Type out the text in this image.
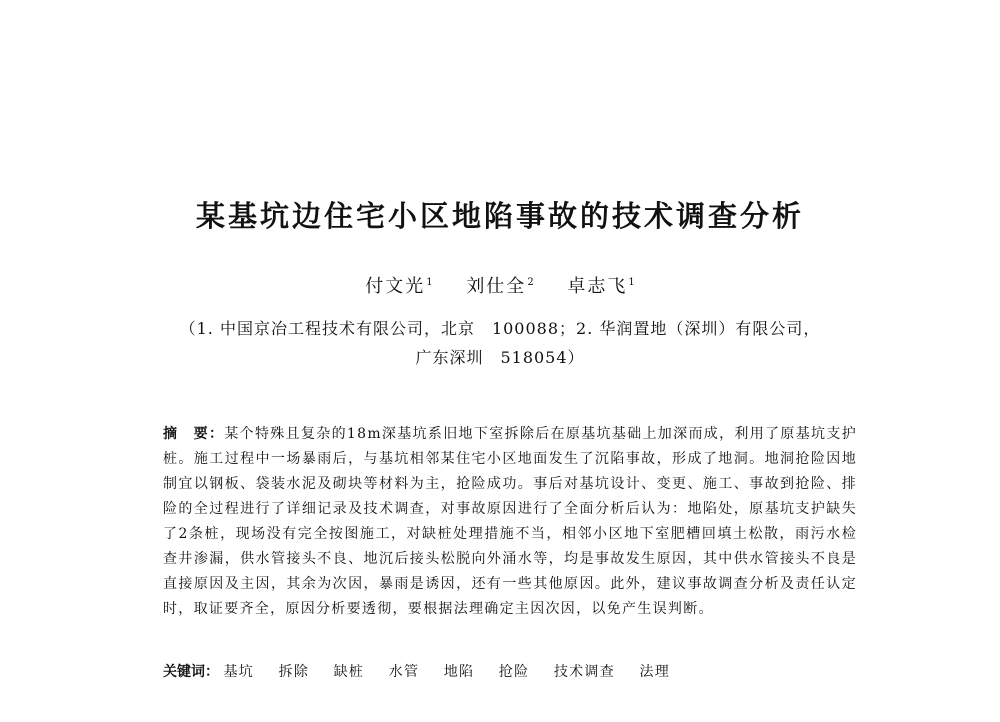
某基坑边住宅小区地陷事故的技术调查分析
付文光$^1$ 刘仕全$^2$ 卓志飞$^1$
（1. 中国京冶工程技术有限公司，北京　100088；2. 华润置地（深圳）有限公司，
广东深圳　518054）
摘　要：某个特殊且复杂的18m深基坑系旧地下室拆除后在原基坑基础上加深而成，利用了原基坑支护桩。施工过程中一场暴雨后，与基坑相邻某住宅小区地面发生了沉陷事故，形成了地洞。地洞抢险因地制宜以钢板、袋装水泥及砌块等材料为主，抢险成功。事后对基坑设计、变更、施工、事故到抢险、排险的全过程进行了详细记录及技术调查，对事故原因进行了全面分析后认为：地陷处，原基坑支护缺失了2条桩，现场没有完全按图施工，对缺桩处理措施不当，相邻小区地下室肥槽回填土松散，雨污水检查井渗漏，供水管接头不良、地沉后接头松脱向外涌水等，均是事故发生原因，其中供水管接头不良是直接原因及主因，其余为次因，暴雨是诱因，还有一些其他原因。此外，建议事故调查分析及责任认定时，取证要齐全，原因分析要透彻，要根据法理确定主因次因，以免产生误判断。
关键词： 基坑 拆除 缺桩 水管 地陷 抢险 技术调查 法理
